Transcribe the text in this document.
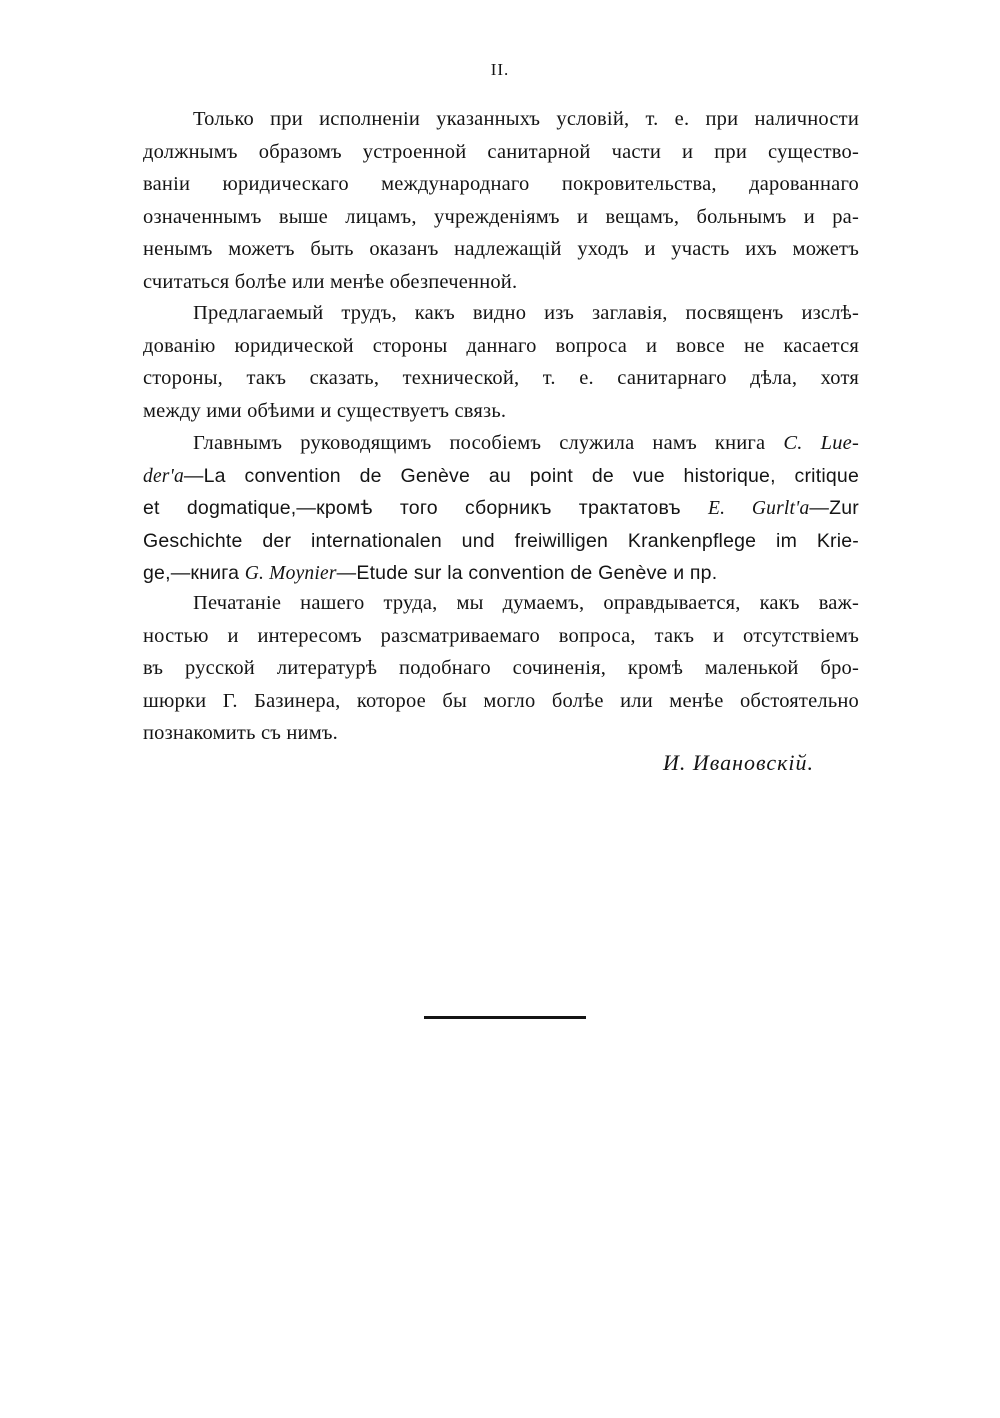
II.
Только при исполненіи указанныхъ условій, т. е. при наличности
должнымъ образомъ устроенной санитарной части и при существо-
ваніи юридическаго международнаго покровительства, дарованнаго
означеннымъ выше лицамъ, учрежденіямъ и вещамъ, больнымъ и ра-
ненымъ можетъ быть оказанъ надлежащій уходъ и участь ихъ можетъ
считаться болѣе или менѣе обезпеченной.
Предлагаемый трудъ, какъ видно изъ заглавія, посвященъ изслѣ-
дованію юридической стороны даннаго вопроса и вовсе не касается
стороны, такъ сказать, технической, т. е. санитарнаго дѣла, хотя
между ими обѣими и существуетъ связь.
Главнымъ руководящимъ пособіемъ служила намъ книга C. Lue-
der'a—La convention de Genève au point de vue historique, critique
et dogmatique,—кромѣ того сборникъ трактатовъ E. Gurlt'a—Zur
Geschichte der internationalen und freiwilligen Krankenpflege im Krie-
ge,—книга G. Moynier—Etude sur la convention de Genève и пр.
Печатаніе нашего труда, мы думаемъ, оправдывается, какъ важ-
ностью и интересомъ разсматриваемаго вопроса, такъ и отсутствіемъ
въ русской литературѣ подобнаго сочиненія, кромѣ маленькой бро-
шюрки Г. Базинера, которое бы могло болѣе или менѣе обстоятельно
познакомить съ нимъ.
И. Ивановскій.
